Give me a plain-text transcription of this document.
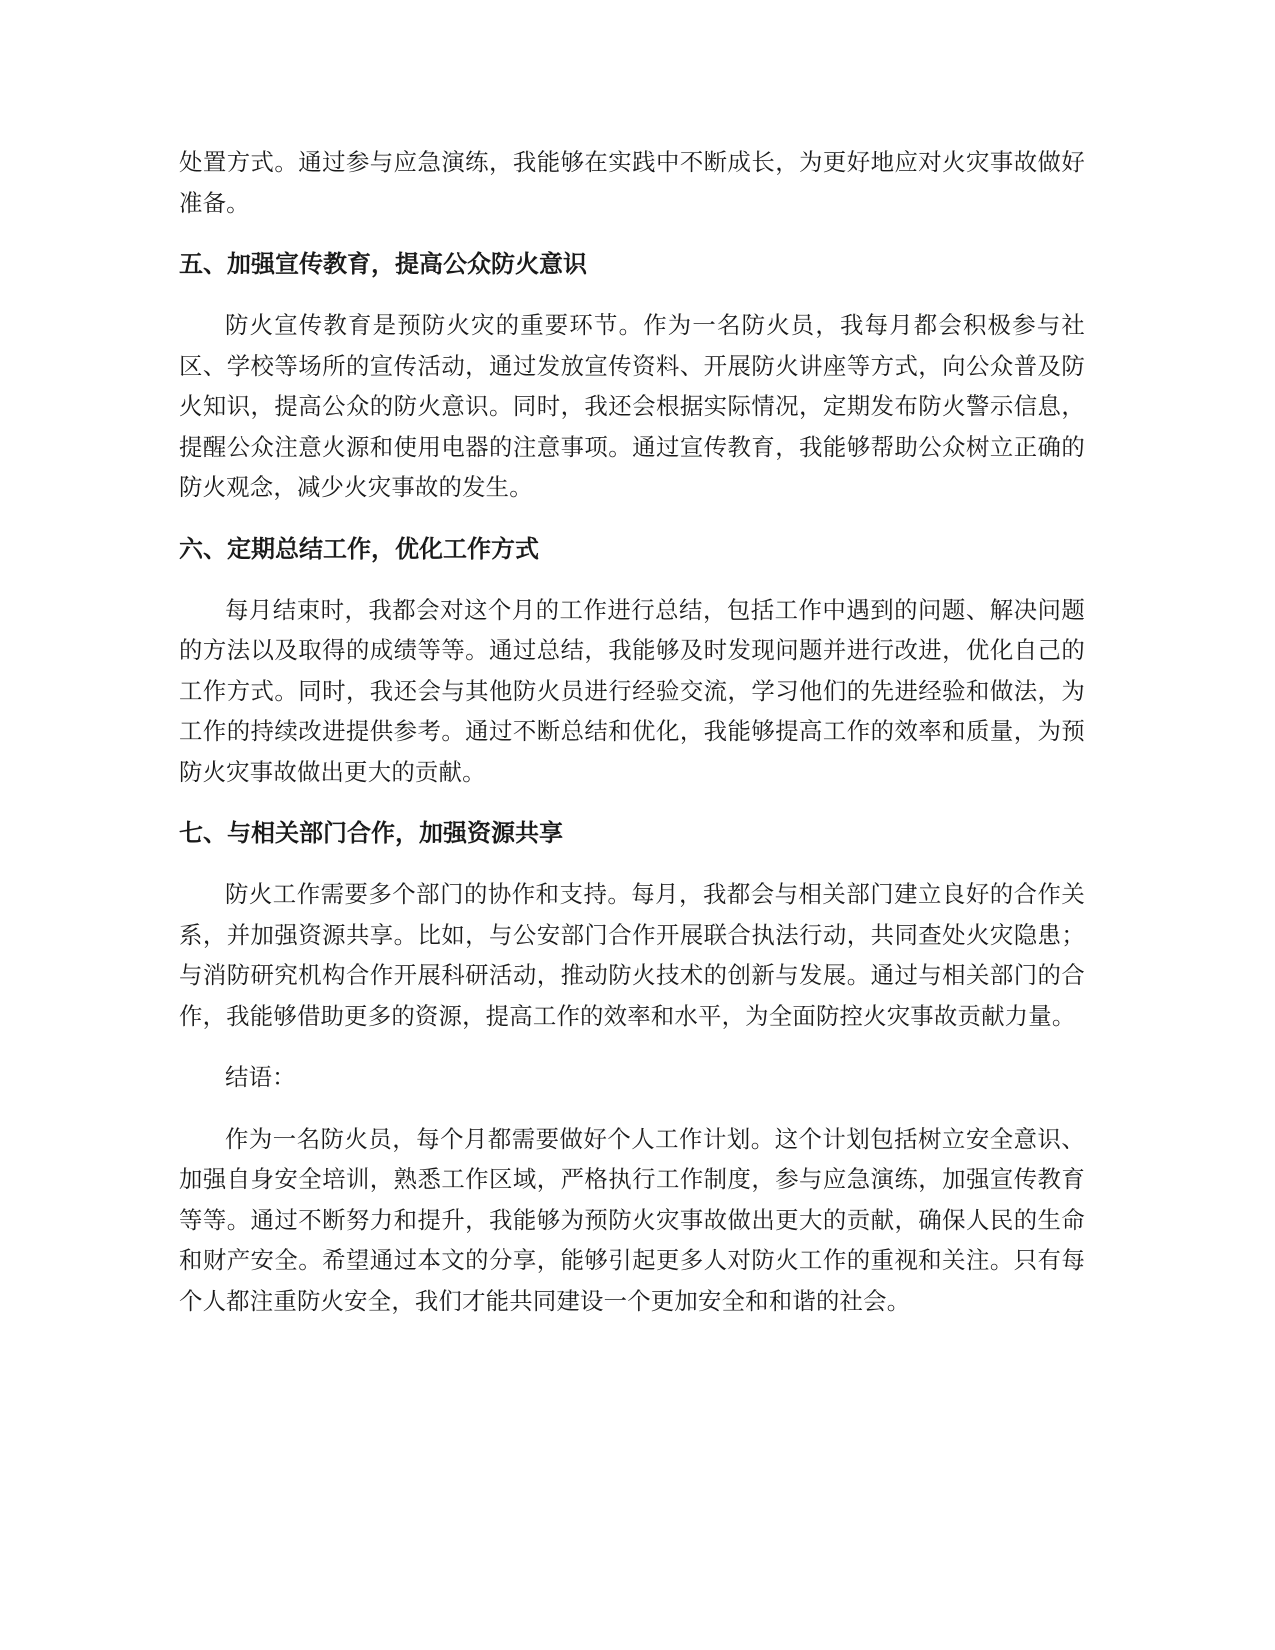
处置方式。通过参与应急演练，我能够在实践中不断成长，为更好地应对火灾事故做好准备。

五、加强宣传教育，提高公众防火意识

防火宣传教育是预防火灾的重要环节。作为一名防火员，我每月都会积极参与社区、学校等场所的宣传活动，通过发放宣传资料、开展防火讲座等方式，向公众普及防火知识，提高公众的防火意识。同时，我还会根据实际情况，定期发布防火警示信息，提醒公众注意火源和使用电器的注意事项。通过宣传教育，我能够帮助公众树立正确的防火观念，减少火灾事故的发生。

六、定期总结工作，优化工作方式

每月结束时，我都会对这个月的工作进行总结，包括工作中遇到的问题、解决问题的方法以及取得的成绩等等。通过总结，我能够及时发现问题并进行改进，优化自己的工作方式。同时，我还会与其他防火员进行经验交流，学习他们的先进经验和做法，为工作的持续改进提供参考。通过不断总结和优化，我能够提高工作的效率和质量，为预防火灾事故做出更大的贡献。

七、与相关部门合作，加强资源共享

防火工作需要多个部门的协作和支持。每月，我都会与相关部门建立良好的合作关系，并加强资源共享。比如，与公安部门合作开展联合执法行动，共同查处火灾隐患；与消防研究机构合作开展科研活动，推动防火技术的创新与发展。通过与相关部门的合作，我能够借助更多的资源，提高工作的效率和水平，为全面防控火灾事故贡献力量。

结语：

作为一名防火员，每个月都需要做好个人工作计划。这个计划包括树立安全意识、加强自身安全培训，熟悉工作区域，严格执行工作制度，参与应急演练，加强宣传教育等等。通过不断努力和提升，我能够为预防火灾事故做出更大的贡献，确保人民的生命和财产安全。希望通过本文的分享，能够引起更多人对防火工作的重视和关注。只有每个人都注重防火安全，我们才能共同建设一个更加安全和和谐的社会。
